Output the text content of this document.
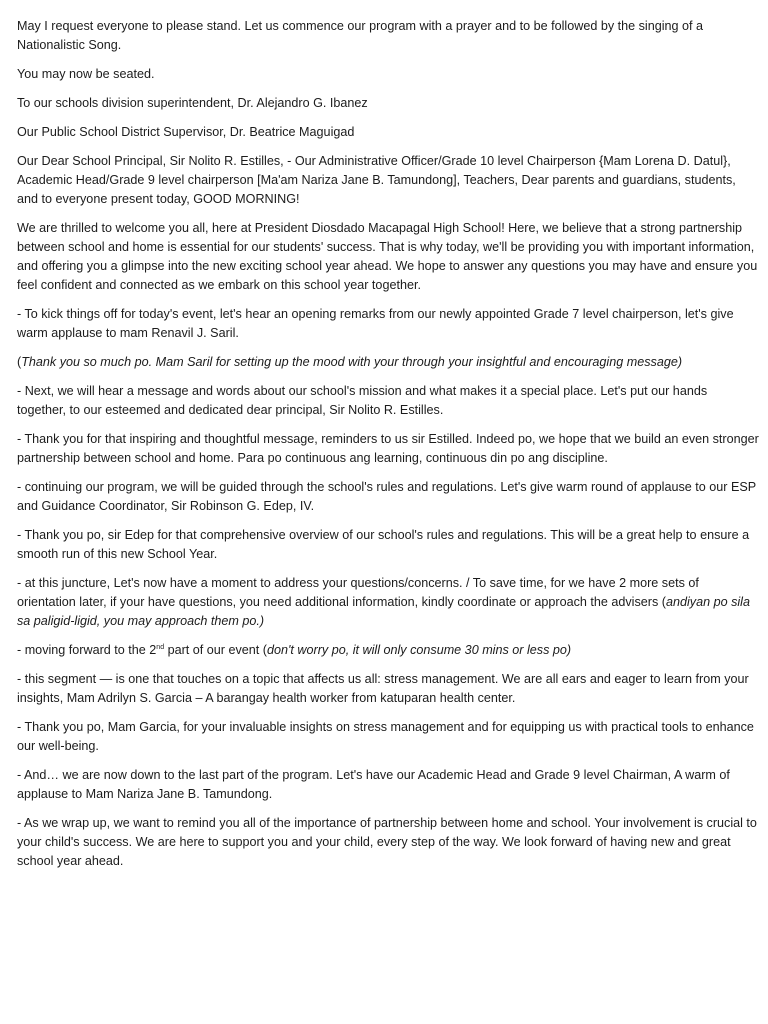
May I request everyone to please stand. Let us commence our program with a prayer and to be followed by the singing of a Nationalistic Song.

You may now be seated.

To our schools division superintendent, Dr. Alejandro G. Ibanez

Our Public School District Supervisor, Dr. Beatrice Maguigad

Our Dear School Principal, Sir Nolito R. Estilles, - Our Administrative Officer/Grade 10 level Chairperson {Mam Lorena D. Datul}, Academic Head/Grade 9 level chairperson [Ma'am Nariza Jane B. Tamundong], Teachers, Dear parents and guardians, students, and to everyone present today, GOOD MORNING!

We are thrilled to welcome you all, here at President Diosdado Macapagal High School! Here, we believe that a strong partnership between school and home is essential for our students' success. That is why today, we'll be providing you with important information, and offering you a glimpse into the new exciting school year ahead. We hope to answer any questions you may have and ensure you feel confident and connected as we embark on this school year together.

- To kick things off for today's event, let's hear an opening remarks from our newly appointed Grade 7 level chairperson, let's give warm applause to mam Renavil J. Saril.

(Thank you so much po. Mam Saril for setting up the mood with your through your insightful and encouraging message)

- Next, we will hear a message and words about our school's mission and what makes it a special place. Let's put our hands together, to our esteemed and dedicated dear principal, Sir Nolito R. Estilles.

- Thank you for that inspiring and thoughtful message, reminders to us sir Estilled. Indeed po, we hope that we build an even stronger partnership between school and home. Para po continuous ang learning, continuous din po ang discipline.

- continuing our program, we will be guided through the school's rules and regulations. Let's give warm round of applause to our ESP and Guidance Coordinator, Sir Robinson G. Edep, IV.

- Thank you po, sir Edep for that comprehensive overview of our school's rules and regulations. This will be a great help to ensure a smooth run of this new School Year.

- at this juncture, Let's now have a moment to address your questions/concerns. / To save time, for we have 2 more sets of orientation later, if your have questions, you need additional information, kindly coordinate or approach the advisers (andiyan po sila sa paligid-ligid, you may approach them po.)

- moving forward to the 2nd part of our event (don't worry po, it will only consume 30 mins or less po)

- this segment — is one that touches on a topic that affects us all: stress management. We are all ears and eager to learn from your insights, Mam Adrilyn S. Garcia – A barangay health worker from katuparan health center.

- Thank you po, Mam Garcia, for your invaluable insights on stress management and for equipping us with practical tools to enhance our well-being.

- And… we are now down to the last part of the program. Let's have our Academic Head and Grade 9 level Chairman, A warm of applause to Mam Nariza Jane B. Tamundong.

- As we wrap up, we want to remind you all of the importance of partnership between home and school. Your involvement is crucial to your child's success. We are here to support you and your child, every step of the way. We look forward of having new and great school year ahead.
